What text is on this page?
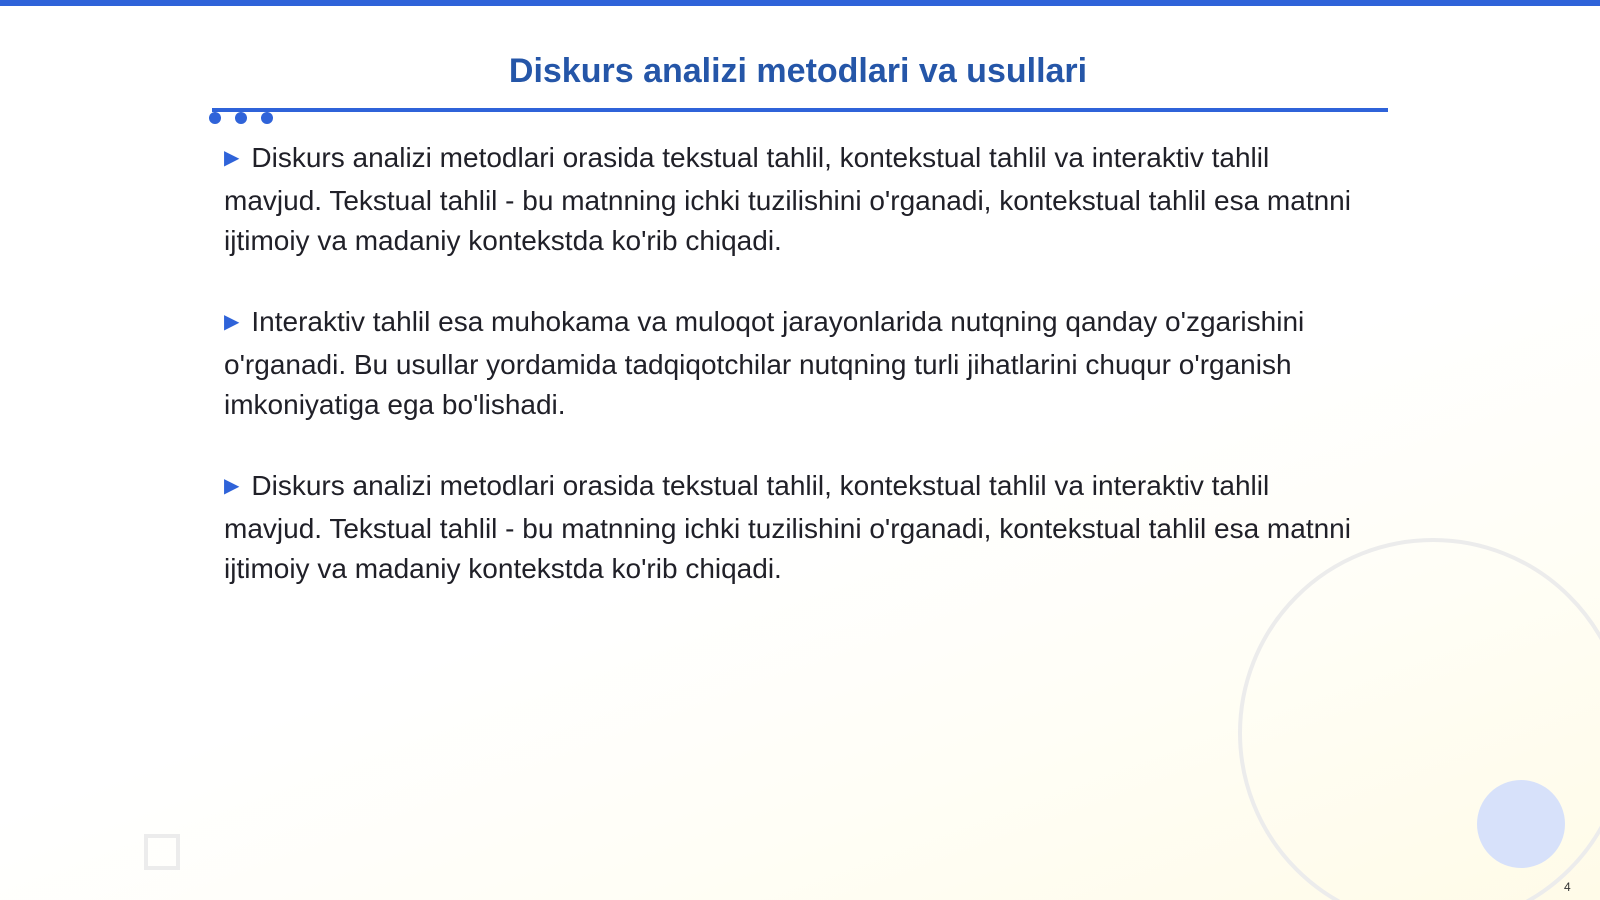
Diskurs analizi metodlari va usullari

▶ Diskurs analizi metodlari orasida tekstual tahlil, kontekstual tahlil va interaktiv tahlil mavjud. Tekstual tahlil - bu matnning ichki tuzilishini o'rganadi, kontekstual tahlil esa matnni ijtimoiy va madaniy kontekstda ko'rib chiqadi.

▶ Interaktiv tahlil esa muhokama va muloqot jarayonlarida nutqning qanday o'zgarishini o'rganadi. Bu usullar yordamida tadqiqotchilar nutqning turli jihatlarini chuqur o'rganish imkoniyatiga ega bo'lishadi.

▶ Diskurs analizi metodlari orasida tekstual tahlil, kontekstual tahlil va interaktiv tahlil mavjud. Tekstual tahlil - bu matnning ichki tuzilishini o'rganadi, kontekstual tahlil esa matnni ijtimoiy va madaniy kontekstda ko'rib chiqadi.

4
